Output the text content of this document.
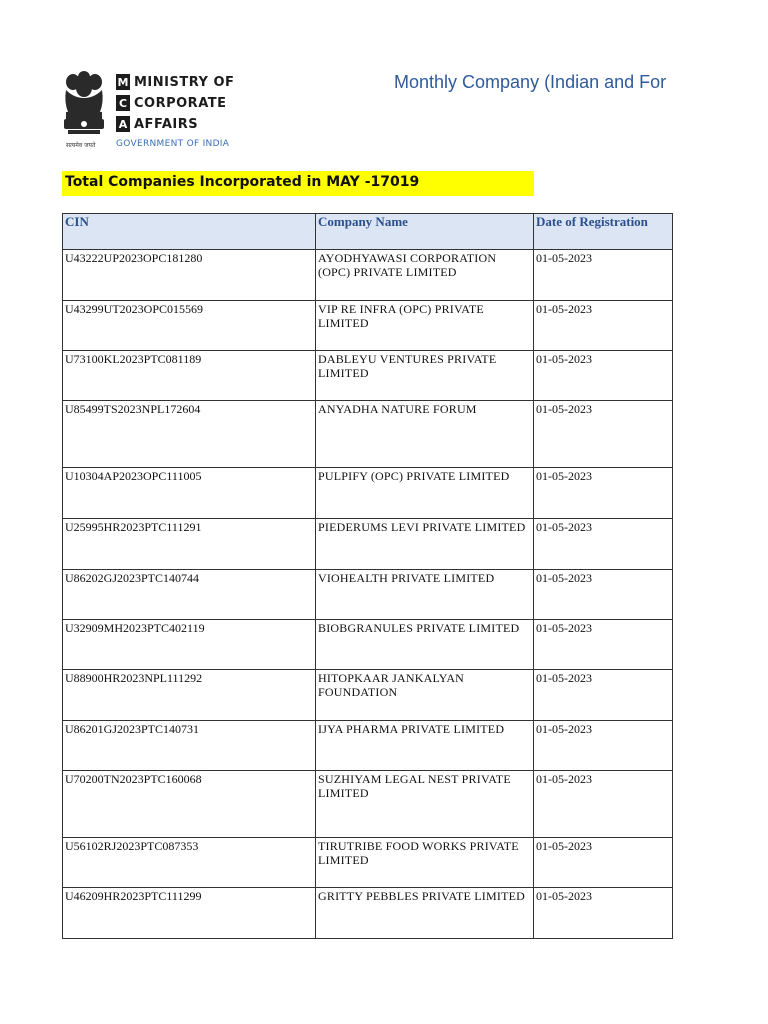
सत्यमेव जयते
M MINISTRY OF
C CORPORATE
A AFFAIRS
GOVERNMENT OF INDIA
Monthly Company (Indian and For
Total Companies Incorporated in MAY -17019
CIN	Company Name	Date of Registration
U43222UP2023OPC181280	AYODHYAWASI CORPORATION (OPC) PRIVATE LIMITED	01-05-2023
U43299UT2023OPC015569	VIP RE INFRA (OPC) PRIVATE LIMITED	01-05-2023
U73100KL2023PTC081189	DABLEYU VENTURES PRIVATE LIMITED	01-05-2023
U85499TS2023NPL172604	ANYADHA NATURE FORUM	01-05-2023
U10304AP2023OPC111005	PULPIFY (OPC) PRIVATE LIMITED	01-05-2023
U25995HR2023PTC111291	PIEDERUMS LEVI PRIVATE LIMITED	01-05-2023
U86202GJ2023PTC140744	VIOHEALTH PRIVATE LIMITED	01-05-2023
U32909MH2023PTC402119	BIOBGRANULES PRIVATE LIMITED	01-05-2023
U88900HR2023NPL111292	HITOPKAAR JANKALYAN FOUNDATION	01-05-2023
U86201GJ2023PTC140731	IJYA PHARMA PRIVATE LIMITED	01-05-2023
U70200TN2023PTC160068	SUZHIYAM LEGAL NEST PRIVATE LIMITED	01-05-2023
U56102RJ2023PTC087353	TIRUTRIBE FOOD WORKS PRIVATE LIMITED	01-05-2023
U46209HR2023PTC111299	GRITTY PEBBLES PRIVATE LIMITED	01-05-2023
